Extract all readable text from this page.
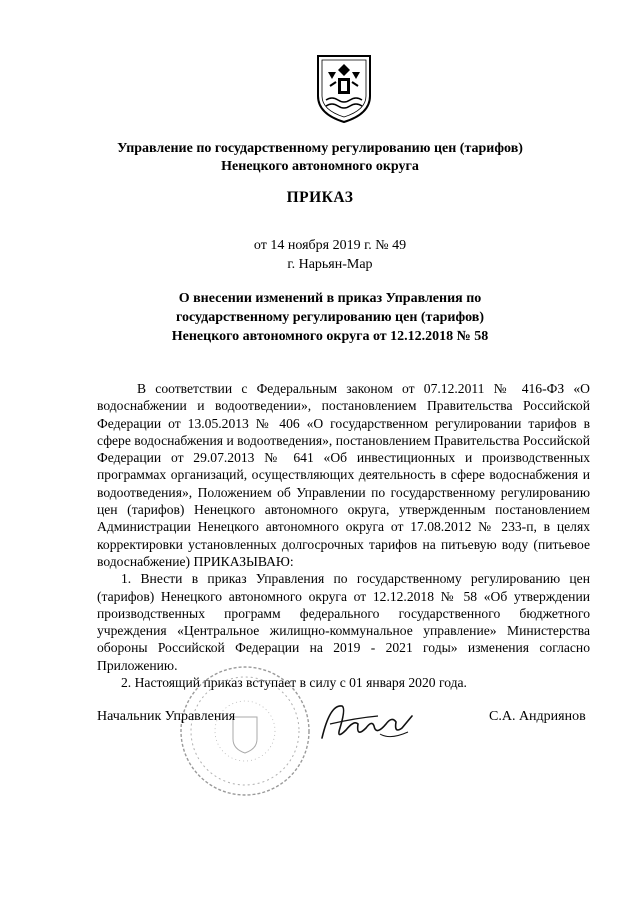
Управление по государственному регулированию цен (тарифов)
Ненецкого автономного округа
ПРИКАЗ
от 14 ноября 2019 г. № 49
г. Нарьян-Мар
О внесении изменений в приказ Управления по
государственному регулированию цен (тарифов)
Ненецкого автономного округа от 12.12.2018 № 58

В соответствии с Федеральным законом от 07.12.2011 № 416-ФЗ «О водоснабжении и водоотведении», постановлением Правительства Российской Федерации от 13.05.2013 № 406 «О государственном регулировании тарифов в сфере водоснабжения и водоотведения», постановлением Правительства Российской Федерации от 29.07.2013 № 641 «Об инвестиционных и производственных программах организаций, осуществляющих деятельность в сфере водоснабжения и водоотведения», Положением об Управлении по государственному регулированию цен (тарифов) Ненецкого автономного округа, утвержденным постановлением Администрации Ненецкого автономного округа от 17.08.2012 № 233-п, в целях корректировки установленных долгосрочных тарифов на питьевую воду (питьевое водоснабжение) ПРИКАЗЫВАЮ:

1. Внести в приказ Управления по государственному регулированию цен (тарифов) Ненецкого автономного округа от 12.12.2018 № 58 «Об утверждении производственных программ федерального государственного бюджетного учреждения «Центральное жилищно-коммунальное управление» Министерства обороны Российской Федерации на 2019 - 2021 годы» изменения согласно Приложению.

2. Настоящий приказ вступает в силу с 01 января 2020 года.

Начальник Управления	С.А. Андриянов
